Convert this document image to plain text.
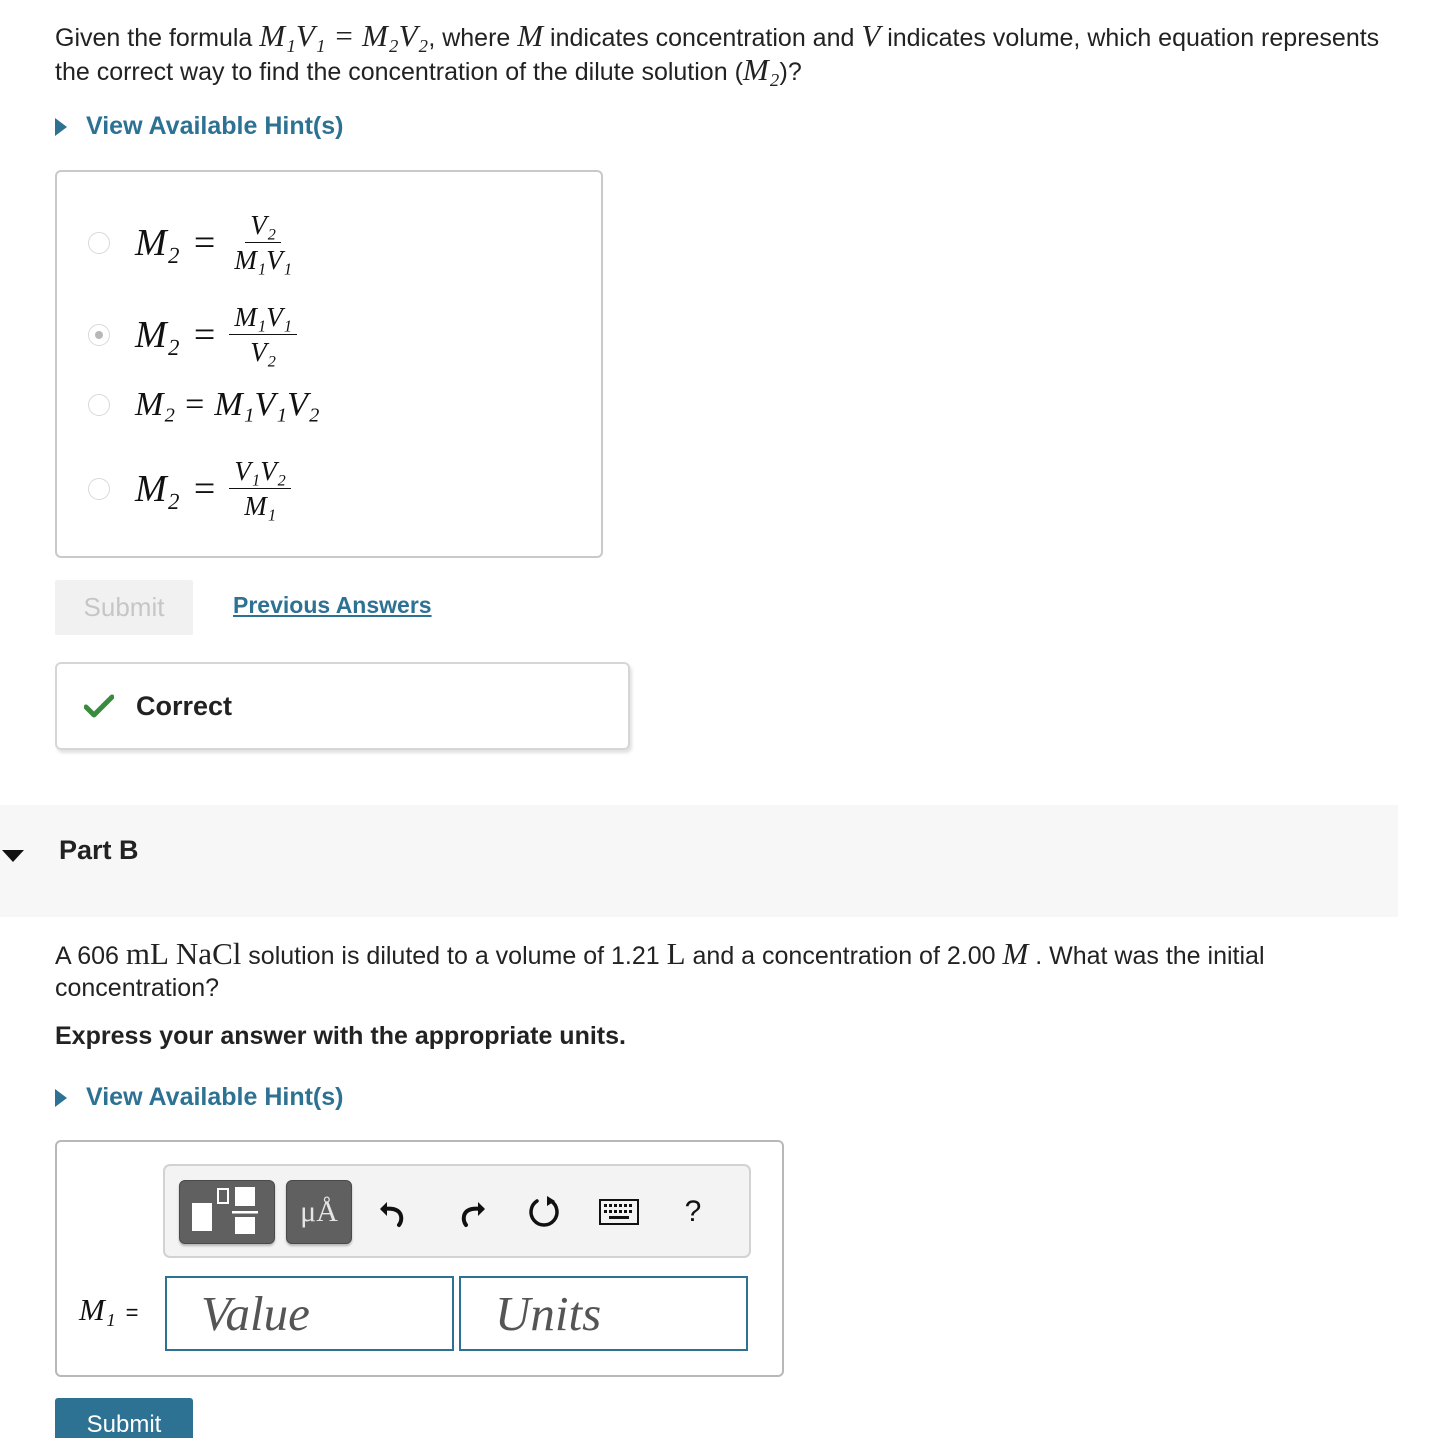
Given the formula M₁V₁ = M₂V₂, where M indicates concentration and V indicates volume, which equation represents the correct way to find the concentration of the dilute solution (M₂)?
View Available Hint(s)
$M_2 = \frac{\text{V₂}}{\text{M₁V₁}}$
$M_2 = \frac{\text{M₁V₁}}{\text{V₂}}$
M₂ = M₁V₁V₂
$M_2 = \frac{\text{V₁V₂}}{\text{M₁}}$
Submit	Previous Answers
Correct
Part B
A 606 mL NaCl solution is diluted to a volume of 1.21 L and a concentration of 2.00 M . What was the initial concentration?
Express your answer with the appropriate units.
View Available Hint(s)
μÅ	?
M₁ =
Value
Units
Submit
